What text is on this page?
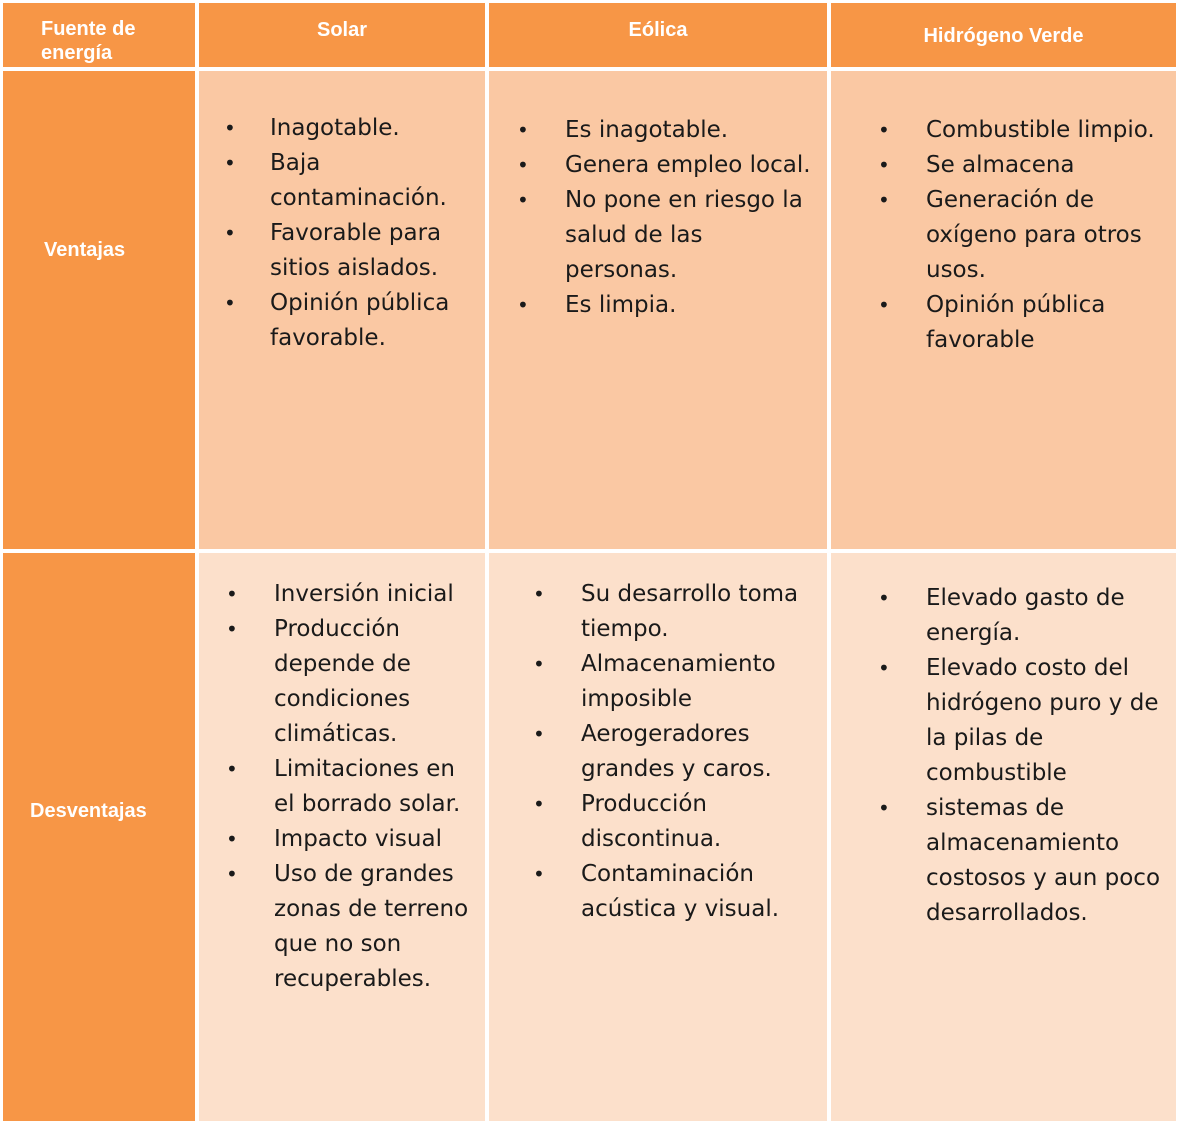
Fuente de energía
Solar	Eólica	Hidrógeno Verde
Ventajas
• Inagotable.
• Baja contaminación.
• Favorable para sitios aislados.
• Opinión pública favorable.
• Es inagotable.
• Genera empleo local.
• No pone en riesgo la salud de las personas.
• Es limpia.
• Combustible limpio.
• Se almacena
• Generación de oxígeno para otros usos.
• Opinión pública favorable
Desventajas
• Inversión inicial
• Producción depende de condiciones climáticas.
• Limitaciones en el borrado solar.
• Impacto visual
• Uso de grandes zonas de terreno que no son recuperables.
• Su desarrollo toma tiempo.
• Almacenamiento imposible
• Aerogeradores grandes y caros.
• Producción discontinua.
• Contaminación acústica y visual.
• Elevado gasto de energía.
• Elevado costo del hidrógeno puro y de la pilas de combustible
• sistemas de almacenamiento costosos y aun poco desarrollados.
